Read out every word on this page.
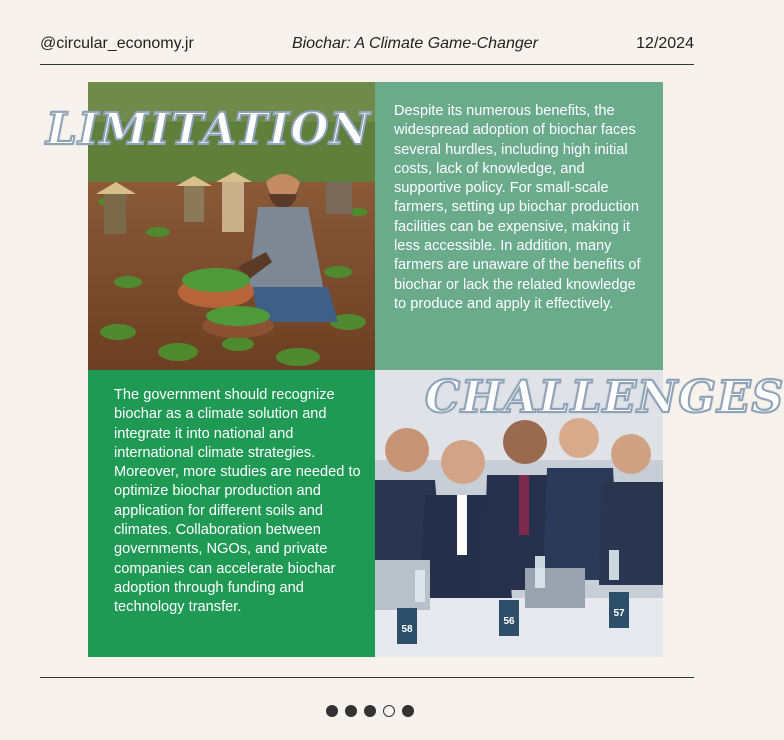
@circular_economy.jr	Biochar: A Climate Game-Changer	12/2024
Despite its numerous benefits, the widespread adoption of biochar faces several hurdles, including high initial costs, lack of knowledge, and supportive policy. For small-scale farmers, setting up biochar production facilities can be expensive, making it less accessible. In addition, many farmers are unaware of the benefits of biochar or lack the related knowledge to produce and apply it effectively.
The government should recognize biochar as a climate solution and integrate it into national and international climate strategies. Moreover, more studies are needed to optimize biochar production and application for different soils and climates. Collaboration between governments, NGOs, and private companies can accelerate biochar adoption through funding and technology transfer.
58
56
57
LIMITATION
CHALLENGES
